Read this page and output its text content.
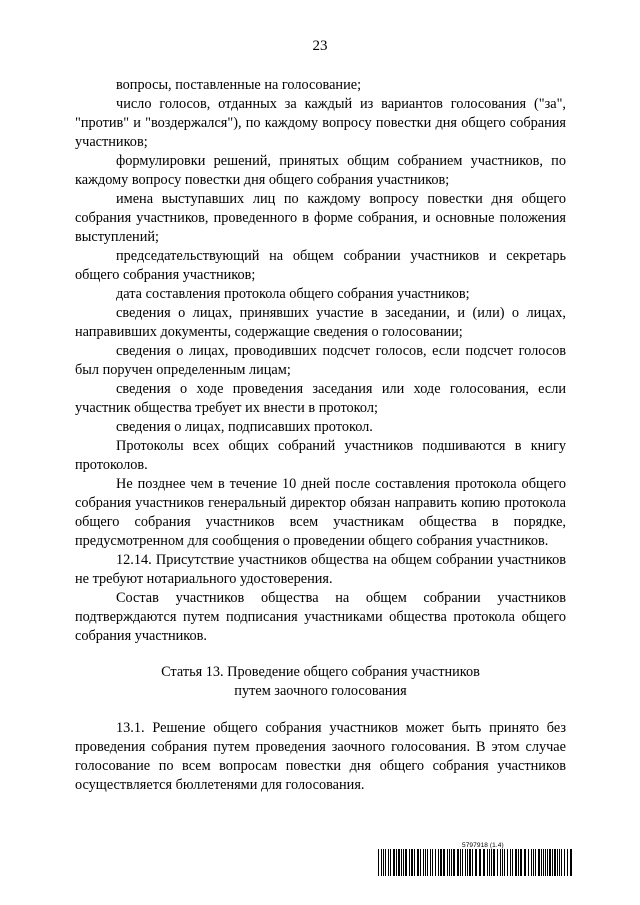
23

вопросы, поставленные на голосование;

число голосов, отданных за каждый из вариантов голосования ("за", "против" и "воздержался"), по каждому вопросу повестки дня общего собрания участников;

формулировки решений, принятых общим собранием участников, по каждому вопросу повестки дня общего собрания участников;

имена выступавших лиц по каждому вопросу повестки дня общего собрания участников, проведенного в форме собрания, и основные положения выступлений;

председательствующий на общем собрании участников и секретарь общего собрания участников;

дата составления протокола общего собрания участников;

сведения о лицах, принявших участие в заседании, и (или) о лицах, направивших документы, содержащие сведения о голосовании;

сведения о лицах, проводивших подсчет голосов, если подсчет голосов был поручен определенным лицам;

сведения о ходе проведения заседания или ходе голосования, если участник общества требует их внести в протокол;

сведения о лицах, подписавших протокол.

Протоколы всех общих собраний участников подшиваются в книгу протоколов.

Не позднее чем в течение 10 дней после составления протокола общего собрания участников генеральный директор обязан направить копию протокола общего собрания участников всем участникам общества в порядке, предусмотренном для сообщения о проведении общего собрания участников.

12.14. Присутствие участников общества на общем собрании участников не требуют нотариального удостоверения.

Состав участников общества на общем собрании участников подтверждаются путем подписания участниками общества протокола общего собрания участников.

Статья 13. Проведение общего собрания участников
путем заочного голосования

13.1. Решение общего собрания участников может быть принято без проведения собрания путем проведения заочного голосования. В этом случае голосование по всем вопросам повестки дня общего собрания участников осуществляется бюллетенями для голосования.

5797918 (1.4)
